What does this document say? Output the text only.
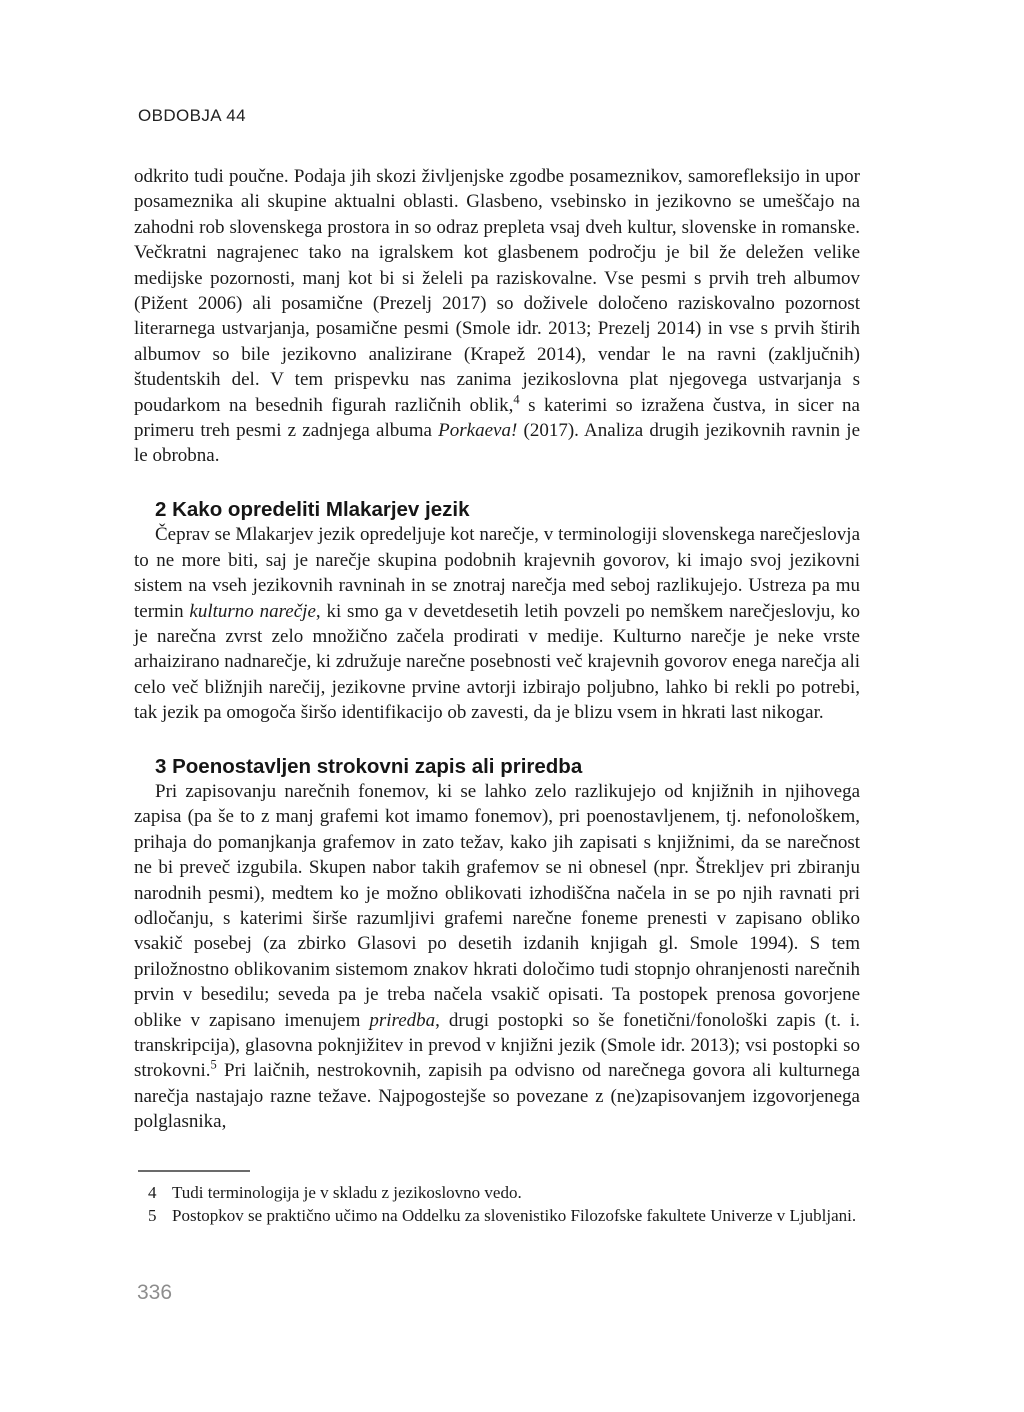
OBDOBJA 44

odkrito tudi poučne. Podaja jih skozi življenjske zgodbe posameznikov, samorefleksijo in upor posameznika ali skupine aktualni oblasti. Glasbeno, vsebinsko in jezikovno se umeščajo na zahodni rob slovenskega prostora in so odraz prepleta vsaj dveh kultur, slovenske in romanske. Večkratni nagrajenec tako na igralskem kot glasbenem področju je bil že deležen velike medijske pozornosti, manj kot bi si želeli pa raziskovalne. Vse pesmi s prvih treh albumov (Pižent 2006) ali posamične (Prezelj 2017) so doživele določeno raziskovalno pozornost literarnega ustvarjanja, posamične pesmi (Smole idr. 2013; Prezelj 2014) in vse s prvih štirih albumov so bile jezikovno analizirane (Krapež 2014), vendar le na ravni (zaključnih) študentskih del. V tem prispevku nas zanima jezikoslovna plat njegovega ustvarjanja s poudarkom na besednih figurah različnih oblik,$^4$ s katerimi so izražena čustva, in sicer na primeru treh pesmi z zadnjega albuma Porkaeva! (2017). Analiza drugih jezikovnih ravnin je le obrobna.

2 Kako opredeliti Mlakarjev jezik

Čeprav se Mlakarjev jezik opredeljuje kot narečje, v terminologiji slovenskega narečjeslovja to ne more biti, saj je narečje skupina podobnih krajevnih govorov, ki imajo svoj jezikovni sistem na vseh jezikovnih ravninah in se znotraj narečja med seboj razlikujejo. Ustreza pa mu termin kulturno narečje, ki smo ga v devetdesetih letih povzeli po nemškem narečjeslovju, ko je narečna zvrst zelo množično začela prodirati v medije. Kulturno narečje je neke vrste arhaizirano nadnarečje, ki združuje narečne posebnosti več krajevnih govorov enega narečja ali celo več bližnjih narečij, jezikovne prvine avtorji izbirajo poljubno, lahko bi rekli po potrebi, tak jezik pa omogoča širšo identifikacijo ob zavesti, da je blizu vsem in hkrati last nikogar.

3 Poenostavljen strokovni zapis ali priredba

Pri zapisovanju narečnih fonemov, ki se lahko zelo razlikujejo od knjižnih in njihovega zapisa (pa še to z manj grafemi kot imamo fonemov), pri poenostavljenem, tj. nefonološkem, prihaja do pomanjkanja grafemov in zato težav, kako jih zapisati s knjižnimi, da se narečnost ne bi preveč izgubila. Skupen nabor takih grafemov se ni obnesel (npr. Štrekljev pri zbiranju narodnih pesmi), medtem ko je možno oblikovati izhodiščna načela in se po njih ravnati pri odločanju, s katerimi širše razumljivi grafemi narečne foneme prenesti v zapisano obliko vsakič posebej (za zbirko Glasovi po desetih izdanih knjigah gl. Smole 1994). S tem priložnostno oblikovanim sistemom znakov hkrati določimo tudi stopnjo ohranjenosti narečnih prvin v besedilu; seveda pa je treba načela vsakič opisati. Ta postopek prenosa govorjene oblike v zapisano imenujem priredba, drugi postopki so še fonetični/fonološki zapis (t. i. transkripcija), glasovna poknjižitev in prevod v knjižni jezik (Smole idr. 2013); vsi postopki so strokovni.$^5$ Pri laičnih, nestrokovnih, zapisih pa odvisno od narečnega govora ali kulturnega narečja nastajajo razne težave. Najpogostejše so povezane z (ne)zapisovanjem izgovorjenega polglasnika,

4 Tudi terminologija je v skladu z jezikoslovno vedo.
5 Postopkov se praktično učimo na Oddelku za slovenistiko Filozofske fakultete Univerze v Ljubljani.
336
